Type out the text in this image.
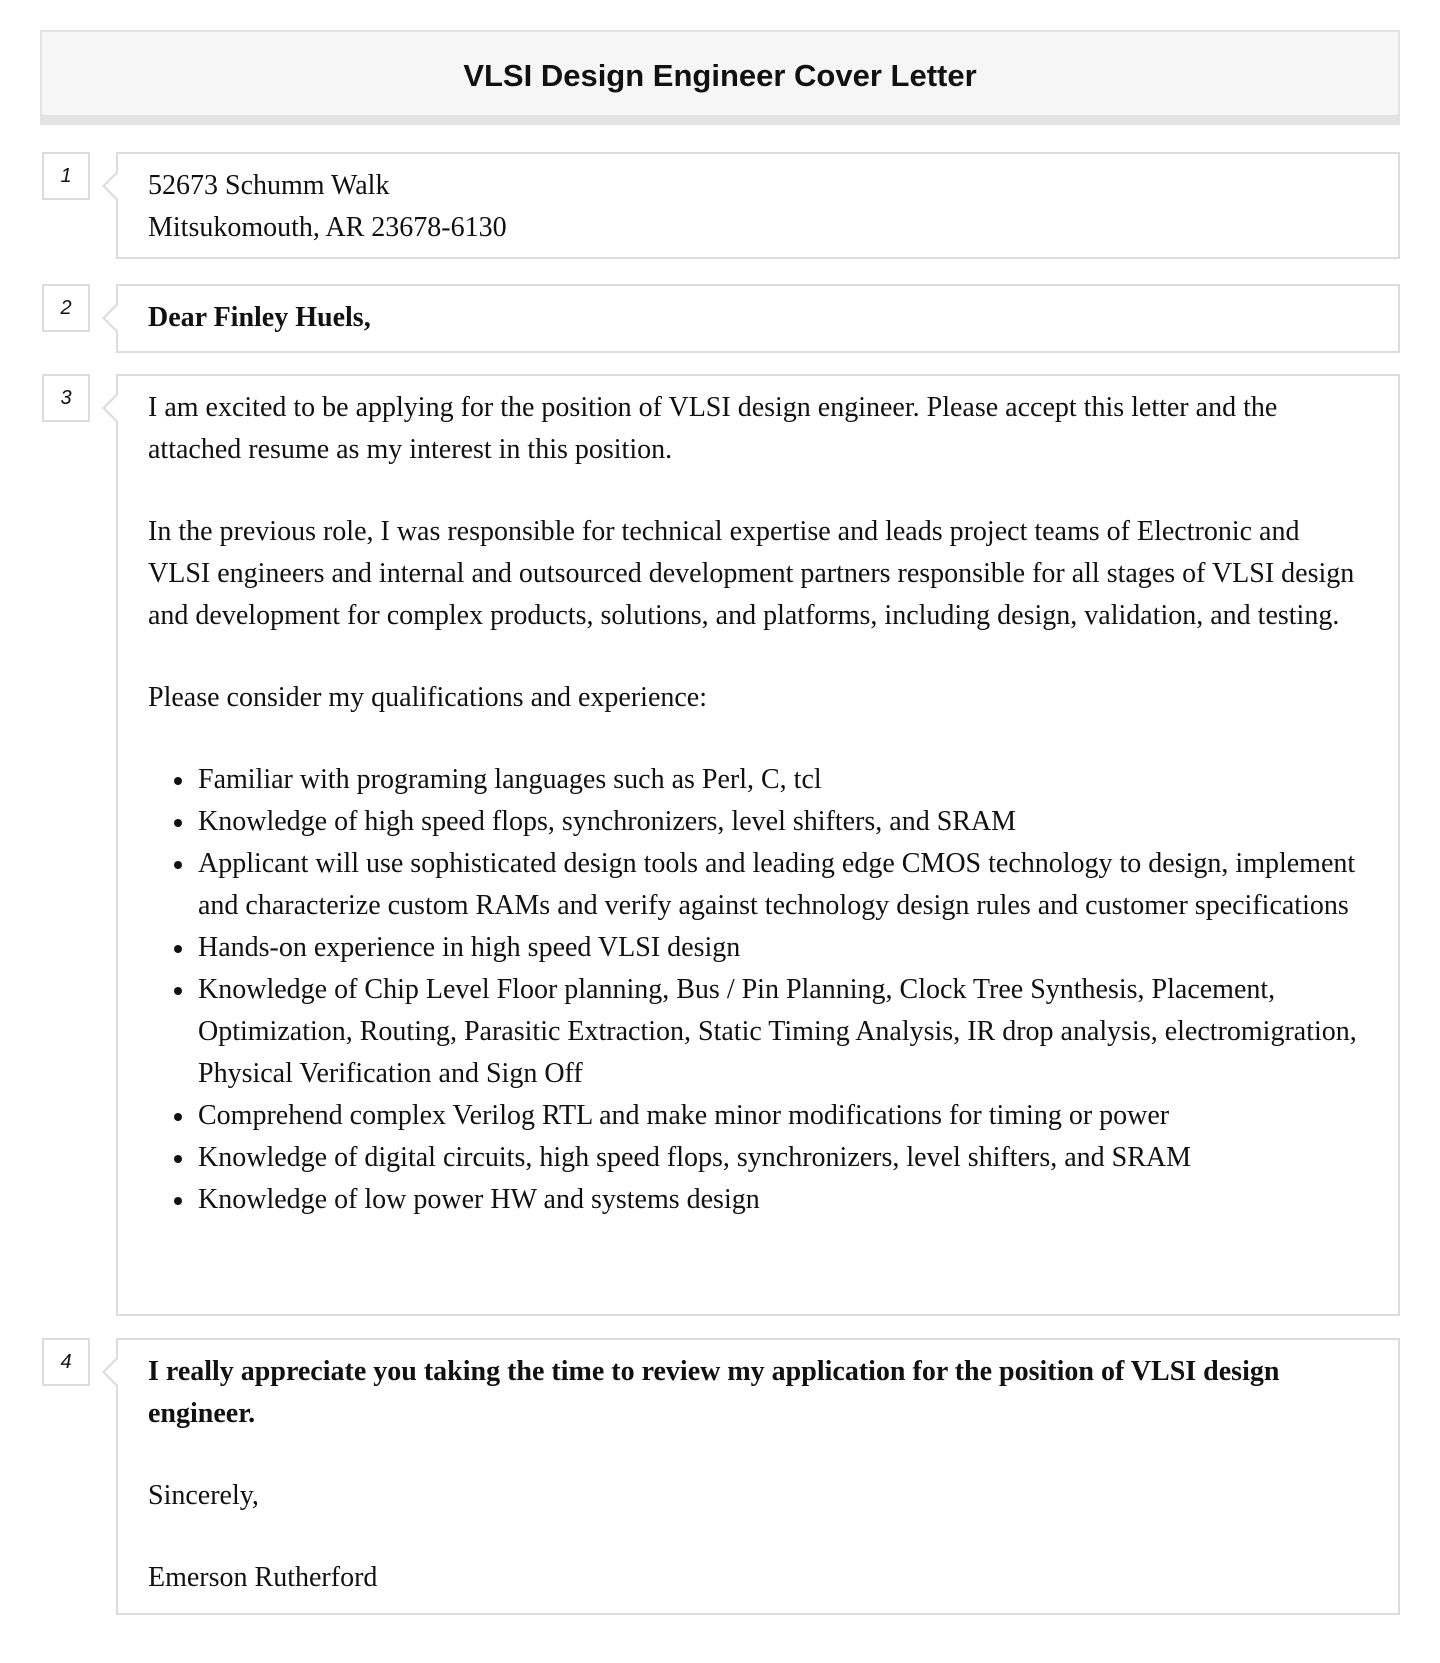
VLSI Design Engineer Cover Letter
1	52673 Schumm Walk
Mitsukomouth, AR 23678-6130
2	Dear Finley Huels,
3	I am excited to be applying for the position of VLSI design engineer. Please accept this letter and the attached resume as my interest in this position.

In the previous role, I was responsible for technical expertise and leads project teams of Electronic and VLSI engineers and internal and outsourced development partners responsible for all stages of VLSI design and development for complex products, solutions, and platforms, including design, validation, and testing.

Please consider my qualifications and experience:

Familiar with programing languages such as Perl, C, tcl
Knowledge of high speed flops, synchronizers, level shifters, and SRAM
Applicant will use sophisticated design tools and leading edge CMOS technology to design, implement and characterize custom RAMs and verify against technology design rules and customer specifications
Hands-on experience in high speed VLSI design
Knowledge of Chip Level Floor planning, Bus / Pin Planning, Clock Tree Synthesis, Placement, Optimization, Routing, Parasitic Extraction, Static Timing Analysis, IR drop analysis, electromigration, Physical Verification and Sign Off
Comprehend complex Verilog RTL and make minor modifications for timing or power
Knowledge of digital circuits, high speed flops, synchronizers, level shifters, and SRAM
Knowledge of low power HW and systems design
4	I really appreciate you taking the time to review my application for the position of VLSI design engineer.

Sincerely,

Emerson Rutherford
